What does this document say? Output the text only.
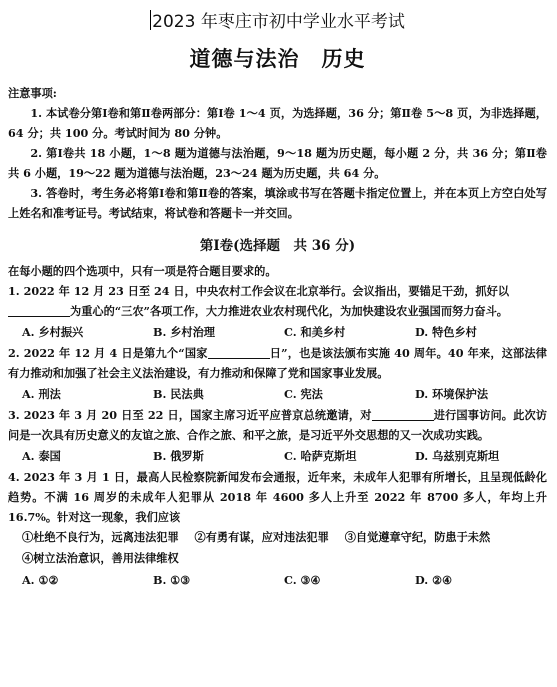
2023 年枣庄市初中学业水平考试
道德与法治　历史

注意事项:

1. 本试卷分第Ⅰ卷和第Ⅱ卷两部分：第Ⅰ卷 1～4 页，为选择题，36 分；第Ⅱ卷 5～8 页，为非选择题，64 分；共 100 分。考试时间为 80 分钟。

2. 第Ⅰ卷共 18 小题，1～8 题为道德与法治题，9～18 题为历史题，每小题 2 分，共 36 分；第Ⅱ卷共 6 小题，19～22 题为道德与法治题，23～24 题为历史题，共 64 分。

3. 答卷时，考生务必将第Ⅰ卷和第Ⅱ卷的答案，填涂或书写在答题卡指定位置上，并在本页上方空白处写上姓名和准考证号。考试结束，将试卷和答题卡一并交回。

第Ⅰ卷(选择题　共 36 分)

在每小题的四个选项中，只有一项是符合题目要求的。

1. 2022 年 12 月 23 日至 24 日，中央农村工作会议在北京举行。会议指出，要锚足干劲，抓好以
为重心的“三农”各项工作，大力推进农业农村现代化，为加快建设农业强国而努力奋斗。

A. 乡村振兴	B. 乡村治理	C. 和美乡村	D. 特色乡村

2. 2022 年 12 月 4 日是第九个“国家	日”，也是该法颁布实施 40 周年。40 年来，这部法律有力推动和加强了社会主义法治建设，有力推动和保障了党和国家事业发展。

A. 刑法	B. 民法典	C. 宪法	D. 环境保护法

3. 2023 年 3 月 20 日至 22 日，国家主席习近平应普京总统邀请，对	进行国事访问。此次访问是一次具有历史意义的友谊之旅、合作之旅、和平之旅，是习近平外交思想的又一次成功实践。

A. 泰国	B. 俄罗斯	C. 哈萨克斯坦	D. 乌兹别克斯坦

4. 2023 年 3 月 1 日，最高人民检察院新闻发布会通报，近年来，未成年人犯罪有所增长，且呈现低龄化趋势。不满 16 周岁的未成年人犯罪从 2018 年 4600 多人上升至 2022 年 8700 多人，年均上升 16.7%。针对这一现象，我们应该

①杜绝不良行为，远离违法犯罪 ②有勇有谋，应对违法犯罪 ③自觉遵章守纪，防患于未然
④树立法治意识，善用法律维权
A. ①②	B. ①③	C. ③④	D. ②④
